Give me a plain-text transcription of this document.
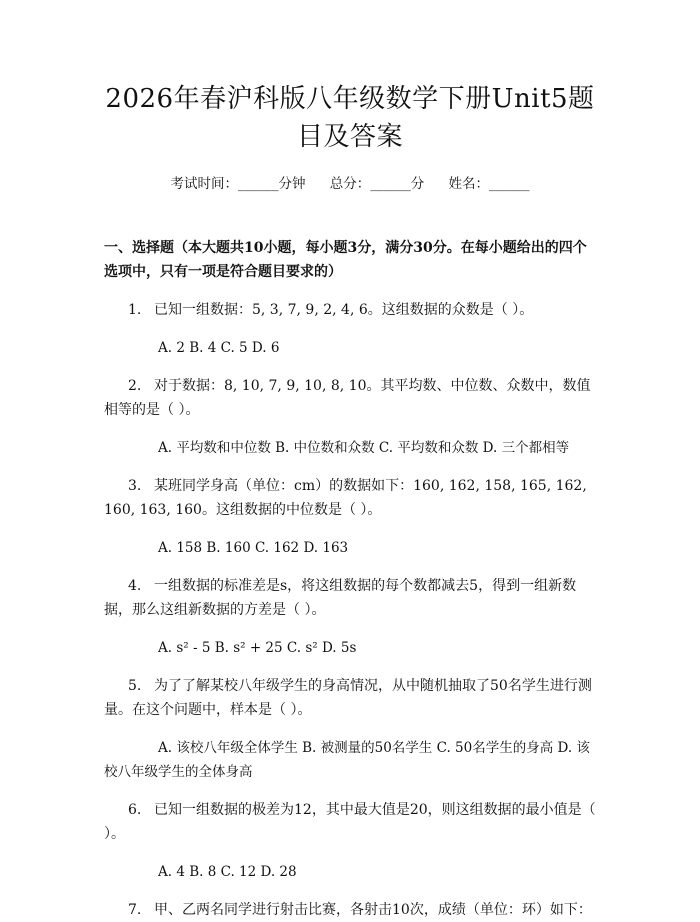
2026年春沪科版八年级数学下册Unit5题目及答案
考试时间：______分钟 总分：______分 姓名：______
一、选择题（本大题共10小题，每小题3分，满分30分。在每小题给出的四个选项中，只有一项是符合题目要求的）
1. 已知一组数据：5, 3, 7, 9, 2, 4, 6。这组数据的众数是（ ）。
A. 2 B. 4 C. 5 D. 6
2. 对于数据：8, 10, 7, 9, 10, 8, 10。其平均数、中位数、众数中，数值相等的是（ ）。
A. 平均数和中位数 B. 中位数和众数 C. 平均数和众数 D. 三个都相等
3. 某班同学身高（单位：cm）的数据如下：160, 162, 158, 165, 162, 160, 163, 160。这组数据的中位数是（ ）。
A. 158 B. 160 C. 162 D. 163
4. 一组数据的标准差是s，将这组数据的每个数都减去5，得到一组新数据，那么这组新数据的方差是（ ）。
A. s² - 5 B. s² + 25 C. s² D. 5s
5. 为了了解某校八年级学生的身高情况，从中随机抽取了50名学生进行测量。在这个问题中，样本是（ ）。
A. 该校八年级全体学生 B. 被测量的50名学生 C. 50名学生的身高 D. 该校八年级学生的全体身高
6. 已知一组数据的极差为12，其中最大值是20，则这组数据的最小值是（ ）。
A. 4 B. 8 C. 12 D. 28
7. 甲、乙两名同学进行射击比赛，各射击10次，成绩（单位：环）如下：
